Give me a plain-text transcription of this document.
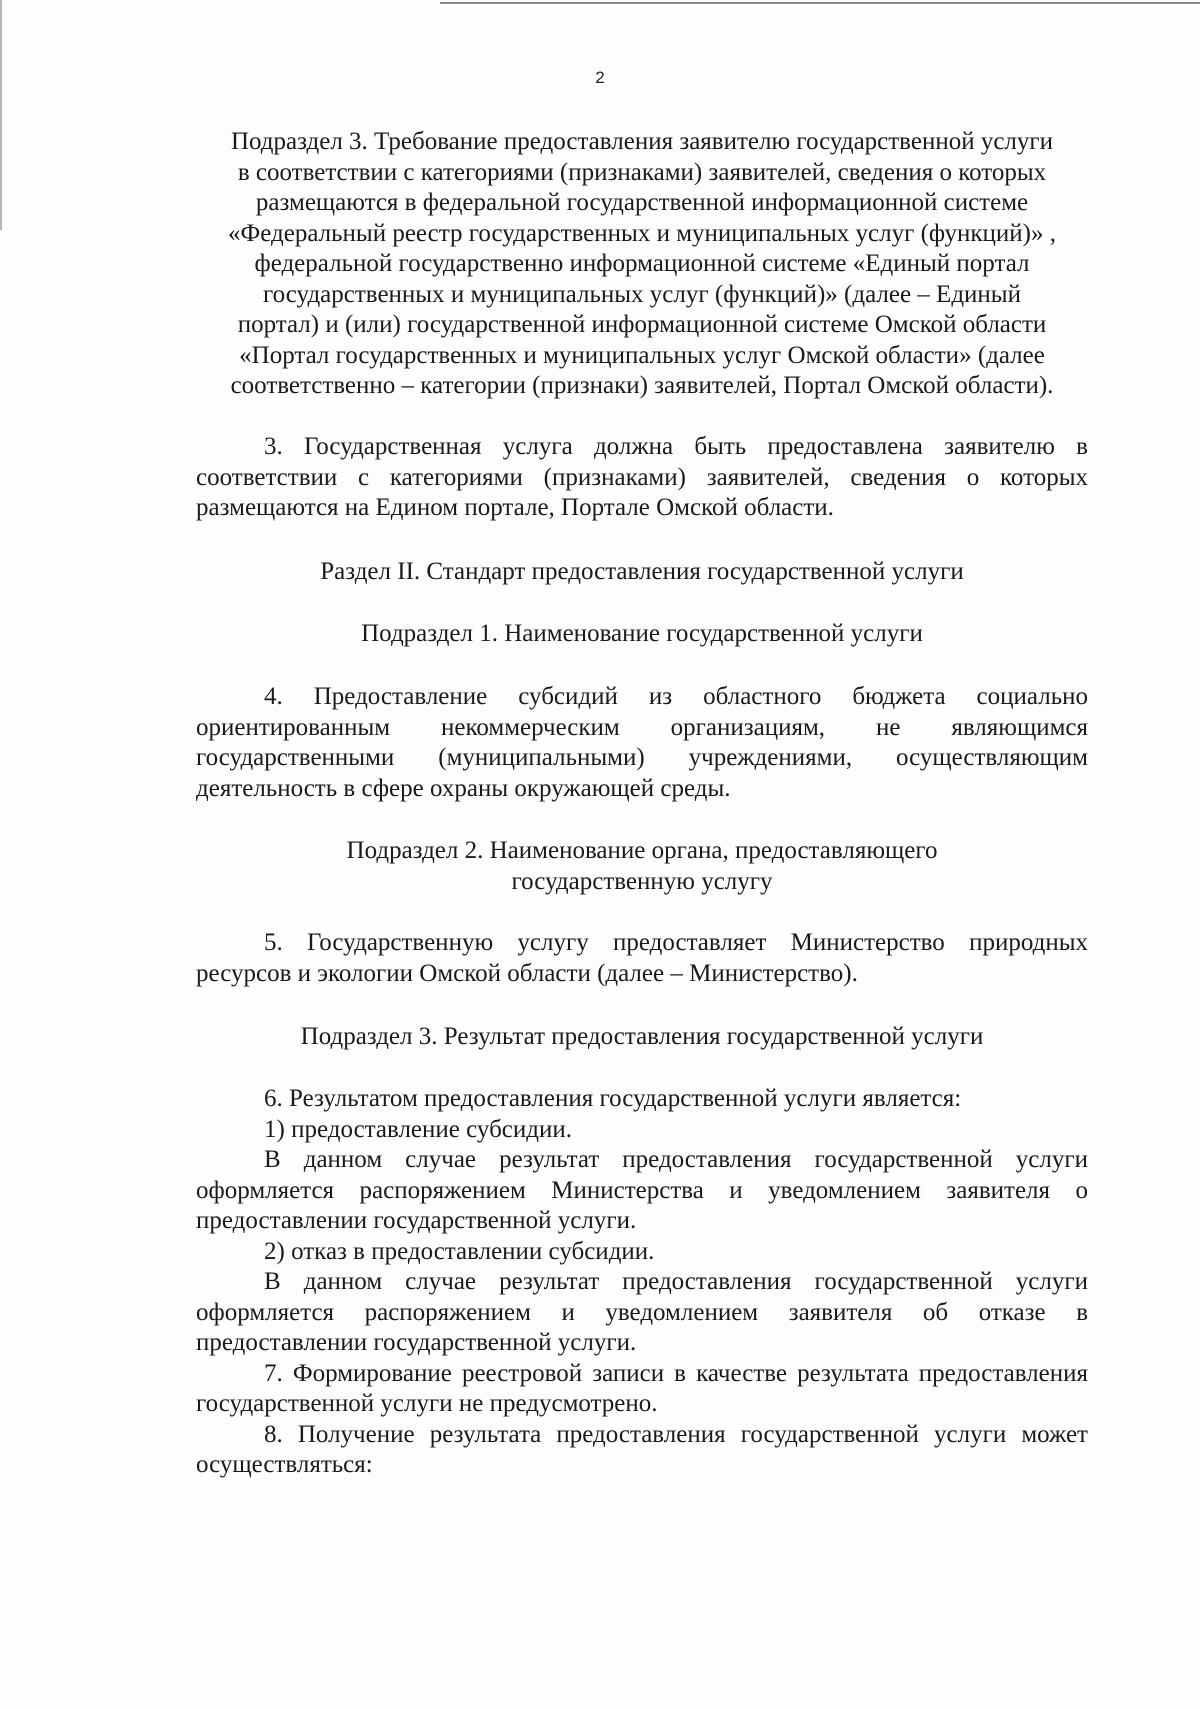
2
Подраздел 3. Требование предоставления заявителю государственной услуги
в соответствии с категориями (признаками) заявителей, сведения о которых
размещаются в федеральной государственной информационной системе
«Федеральный реестр государственных и муниципальных услуг (функций)» ,
федеральной государственно информационной системе «Единый портал
государственных и муниципальных услуг (функций)» (далее – Единый
портал) и (или) государственной информационной системе Омской области
«Портал государственных и муниципальных услуг Омской области» (далее
соответственно – категории (признаки) заявителей, Портал Омской области).

3. Государственная услуга должна быть предоставлена заявителю в соответствии с категориями (признаками) заявителей, сведения о которых размещаются на Едином портале, Портале Омской области.

Раздел II. Стандарт предоставления государственной услуги

Подраздел 1. Наименование государственной услуги

4. Предоставление субсидий из областного бюджета социально ориентированным некоммерческим организациям, не являющимся государственными (муниципальными) учреждениями, осуществляющим деятельность в сфере охраны окружающей среды.

Подраздел 2. Наименование органа, предоставляющего
государственную услугу

5. Государственную услугу предоставляет Министерство природных ресурсов и экологии Омской области (далее – Министерство).

Подраздел 3. Результат предоставления государственной услуги

6. Результатом предоставления государственной услуги является:

1) предоставление субсидии.

В данном случае результат предоставления государственной услуги оформляется распоряжением Министерства и уведомлением заявителя о предоставлении государственной услуги.

2) отказ в предоставлении субсидии.

В данном случае результат предоставления государственной услуги оформляется распоряжением и уведомлением заявителя об отказе в предоставлении государственной услуги.

7. Формирование реестровой записи в качестве результата предоставления государственной услуги не предусмотрено.

8. Получение результата предоставления государственной услуги может осуществляться:
